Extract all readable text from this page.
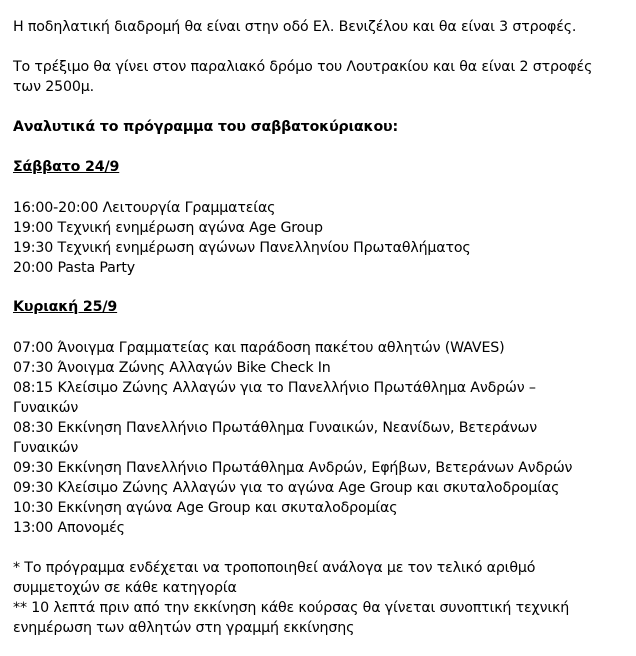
Η ποδηλατική διαδρομή θα είναι στην οδό Ελ. Βενιζέλου και θα είναι 3 στροφές.
Το τρέξιμο θα γίνει στον παραλιακό δρόμο του Λουτρακίου και θα είναι 2 στροφές
των 2500μ.
Αναλυτικά το πρόγραμμα του σαββατοκύριακου:
Σάββατο 24/9
16:00-20:00 Λειτουργία Γραμματείας
19:00 Τεχνική ενημέρωση αγώνα Age Group
19:30 Τεχνική ενημέρωση αγώνων Πανελληνίου Πρωταθλήματος
20:00 Pasta Party
Κυριακή 25/9
07:00 Άνοιγμα Γραμματείας και παράδοση πακέτου αθλητών (WAVES)
07:30 Άνοιγμα Ζώνης Αλλαγών Bike Check In
08:15 Κλείσιμο Ζώνης Αλλαγών για το Πανελλήνιο Πρωτάθλημα Ανδρών –
Γυναικών
08:30 Εκκίνηση Πανελλήνιο Πρωτάθλημα Γυναικών, Νεανίδων, Βετεράνων
Γυναικών
09:30 Εκκίνηση Πανελλήνιο Πρωτάθλημα Ανδρών, Εφήβων, Βετεράνων Ανδρών
09:30 Κλείσιμο Ζώνης Αλλαγών για το αγώνα Age Group και σκυταλοδρομίας
10:30 Εκκίνηση αγώνα Age Group και σκυταλοδρομίας
13:00 Απονομές
* Το πρόγραμμα ενδέχεται να τροποποιηθεί ανάλογα με τον τελικό αριθμό
συμμετοχών σε κάθε κατηγορία
** 10 λεπτά πριν από την εκκίνηση κάθε κούρσας θα γίνεται συνοπτική τεχνική
ενημέρωση των αθλητών στη γραμμή εκκίνησης
